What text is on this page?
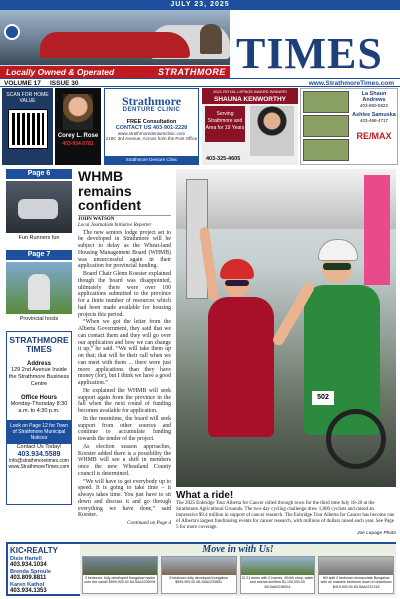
JULY 23, 2025
Locally Owned & Operated	STRATHMORE TIMES
VOLUME 17 ISSUE 30	www.StrathmoreTimes.com
SCAN FOR HOME VALUE
Corey L. Rose
403-934-0781
Strathmore
DENTURE CLINIC
FREE Consultation
CONTACT US 403-901-2228
www.strathmoredentureclinic.com
218C 3rd Avenue, Across from the Post Office
Strathmore Denture Clinic
2021 ROYAL LEPAGE AWARD WINNER!
SHAUNA KENWORTHY
Serving Strathmore and Area for 19 Years
403-325-4605
La Shaun Andrews
403-850-5922
Ashlee Samuska
403-498-4717
RE/MAX
Page 6
Fun Runners fun
Page 7
Provincial hosts
STRATHMORE TIMES
Address
129 2nd Avenue Inside the Strathmore Business Centre
Office Hours
Monday-Thursday 8:30 a.m. to 4:30 p.m.
Look on Page 12 for Town of Strathmore Municipal Notices
Contact Us Today!
403.934.5589
info@strathmoretimes.com
www.StrathmoreTimes.com
WHMB remains confident
JOHN WATSON
Local Journalism Initiative Reporter

The new seniors lodge project set to be developed in Strathmore will be subject to delay as the Wheat-land Housing Management Board (WHMB) was unsuccessful again in their application for provincial funding.

Board Chair Glenn Koester explained though the board was disappointed, ultimately there were over 100 applications submitted to the province for a finite number of resources which had been made available for housing projects this period.

“When we got the letter from the Alberta Government, they said that we can contact them and they will go over our application and how we can change it up,” he said. “We will take them up on that; that will be their call when we can meet with them ... there were just more applications than they have money (for), but I think we have a good application.”

He explained the WHMB will seek support again from the province in the fall when the next round of funding becomes available for application.

In the meantime, the board will seek support from other sources and continue to accumulate funding towards the tender of the project.

As election season approaches, Koester added there is a possibility the WHMB will see a shift in members once the new Wheatland County council is determined.

“We will have to get everybody up to speed. It is going to take time – it always takes time. You just have to sit down and discuss it and go through everything we have done,” said Koester.

Continued on Page 4
502
What a ride!
The 2025 Enbridge Tour Alberta for Cancer rolled through town for the third time July 18-20 at the Strathmore Agricultural Grounds. The two-day cycling challenge drew 1,800 cyclists and raised an impressive $9.4 million in support of cancer research. The Enbridge Tour Alberta for Cancer has become one of Alberta's largest fundraising events for cancer research, with millions of dollars raised each year. See Page 5 for more coverage.
Joe Lepage Photo
KIC•REALTY
Dixie Hartell
403.934.1034
Brenda Sproule
403.809.8811
Karen Kathol
403.934.1353
Move in with Us!
3 bedroom, fully developed bungalow backs onto the canal! $599,900.00 MLS#A2236094
5 bedroom fully developed bungalow $599,900.00 MLS#A2233851
12.21 acres with 2 homes, 40x60 shop, water and animal shelters $1,100,000.00 MLS#A2236004
Hill split 2 bedroom immaculate Bungalow with on masters bedroom down to downtown $419,900.00 MLS#A2237418
